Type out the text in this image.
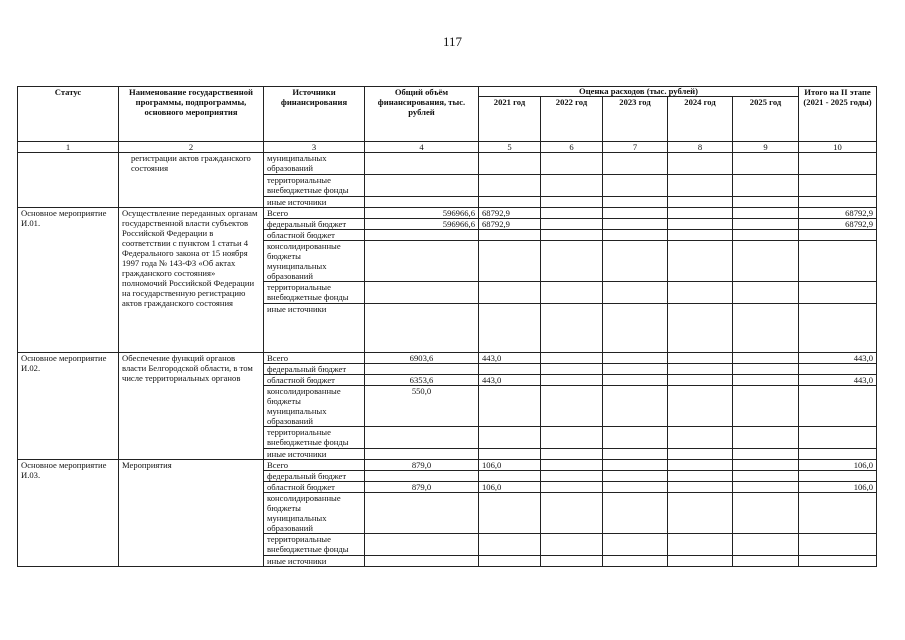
117
Статус	Наименование государственной программы, подпрограммы, основного мероприятия	Источники финансирования	Общий объём финансирования, тыс. рублей	Оценка расходов (тыс. рублей)					Итого на II этапе (2021 - 2025 годы)
				2021 год	2022 год	2023 год	2024 год	2025 год	
1	2	3	4	5	6	7	8	9	10
	регистрации актов гражданского состояния	муниципальных образований							
		территориальные внебюджетные фонды							
		иные источники							
Основное мероприятие И.01.	Осуществление переданных органам государственной власти субъектов Российской Федерации в соответствии с пунктом 1 статьи 4 Федерального закона от 15 ноября 1997 года № 143-ФЗ «Об актах гражданского состояния» полномочий Российской Федерации на государственную регистрацию актов гражданского состояния	Всего	596966,6	68792,9					68792,9
		федеральный бюджет	596966,6	68792,9					68792,9
		областной бюджет							
		консолидированные бюджеты муниципальных образований							
		территориальные внебюджетные фонды							
		иные источники							
Основное мероприятие И.02.	Обеспечение функций органов власти Белгородской области, в том числе территориальных органов	Всего	6903,6	443,0					443,0
		федеральный бюджет							
		областной бюджет	6353,6	443,0					443,0
		консолидированные бюджеты муниципальных образований	550,0						
		территориальные внебюджетные фонды							
		иные источники							
Основное мероприятие И.03.	Мероприятия	Всего	879,0	106,0					106,0
		федеральный бюджет							
		областной бюджет	879,0	106,0					106,0
		консолидированные бюджеты муниципальных образований							
		территориальные внебюджетные фонды							
		иные источники							
